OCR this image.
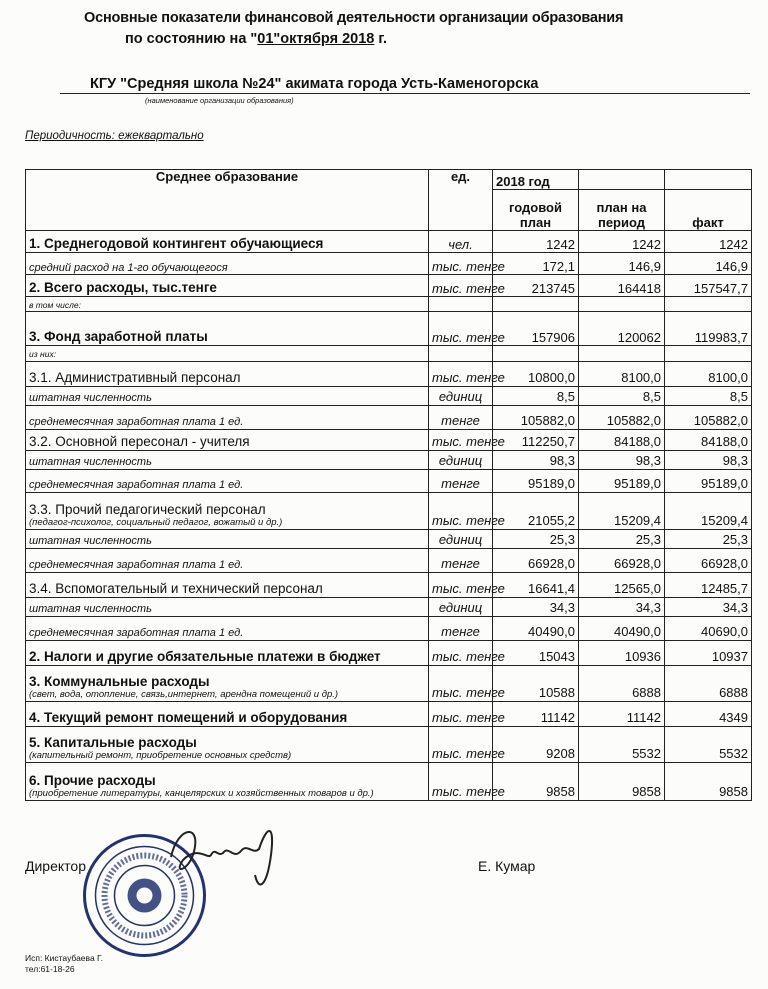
Основные показатели финансовой деятельности организации образования
по состоянию на "01"октября 2018 г.
КГУ "Средняя школа №24" акимата города Усть-Каменогорска
(наименование организации образования)
Периодичность: ежеквартально
Среднее образование	ед.	2018 год		
		годовой план	план на период	факт
1. Среднегодовой контингент обучающиеся	чел.	1242	1242	1242
средний расход на 1-го обучающегося	тыс. тенге	172,1	146,9	146,9
2. Всего расходы, тыс.тенге	тыс. тенге	213745	164418	157547,7
в том числе:				
3. Фонд заработной платы	тыс. тенге	157906	120062	119983,7
из них:				
3.1. Административный персонал	тыс. тенге	10800,0	8100,0	8100,0
штатная численность	единиц	8,5	8,5	8,5
среднемесячная заработная плата 1 ед.	тенге	105882,0	105882,0	105882,0
3.2. Основной пересонал - учителя	тыс. тенге	112250,7	84188,0	84188,0
штатная численность	единиц	98,3	98,3	98,3
среднемесячная заработная плата 1 ед.	тенге	95189,0	95189,0	95189,0
3.3. Прочий педагогический персонал

(педагог-психолог, социальный педагог, вожатый и др.)	тыс. тенге	21055,2	15209,4	15209,4
штатная численность	единиц	25,3	25,3	25,3
среднемесячная заработная плата 1 ед.	тенге	66928,0	66928,0	66928,0
3.4. Вспомогательный и технический персонал	тыс. тенге	16641,4	12565,0	12485,7
штатная численность	единиц	34,3	34,3	34,3
среднемесячная заработная плата 1 ед.	тенге	40490,0	40490,0	40690,0
2. Налоги и другие обязательные платежи в бюджет	тыс. тенге	15043	10936	10937
3. Коммунальные расходы

(свет, вода, отопление, связь,интернет, арендна помещений и др.)	тыс. тенге	10588	6888	6888
4. Текущий ремонт помещений и оборудования	тыс. тенге	11142	11142	4349
5. Капитальные расходы

(капительный ремонт, приобретение основных средств)	тыс. тенге	9208	5532	5532
6. Прочие расходы

(приобретение литературы, канцелярских и хозяйственных товаров и др.)	тыс. тенге	9858	9858	9858
Директор	Е. Кумар
Исп: Кистаубаева Г.
тел:61-18-26
